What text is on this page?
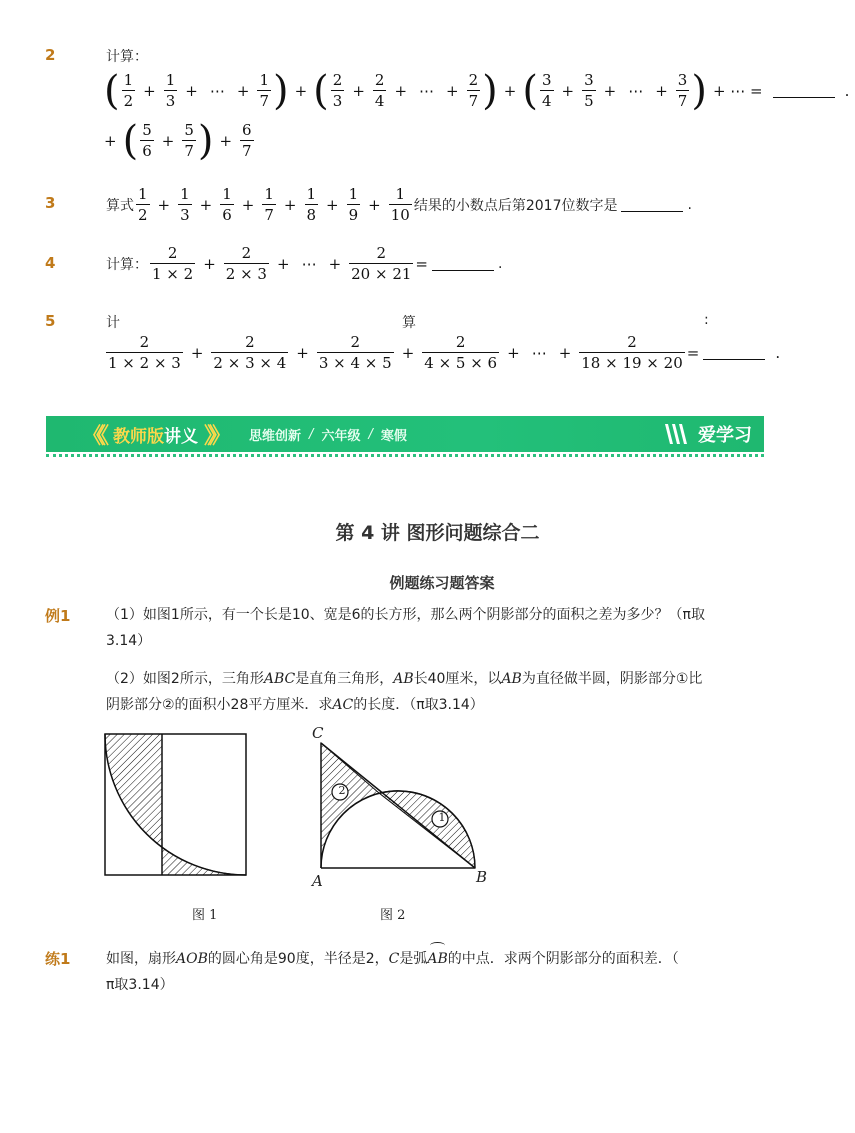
2	计算：
( $\frac{1}{2} + \frac{1}{3}$ + ⋯ + $\frac{1}{7}$ ) + ( $\frac{2}{3} + \frac{2}{4}$ + ⋯ + $\frac{2}{7}$ ) + ( $\frac{3}{4} + \frac{3}{5}$ + ⋯ + $\frac{3}{7}$ ) + ⋯ =	.
+ ( $\frac{5}{6} + \frac{5}{7}$ ) + $\frac{6}{7}$
3	算式 $\frac{1}{2} + \frac{1}{3} + \frac{1}{6} + \frac{1}{7} + \frac{1}{8} + \frac{1}{9} + \frac{1}{10}$ 结果的小数点后第2017位数字是	.
4	计算： $\frac{2}{1 \times 2} + \frac{2}{2 \times 3}$ + ⋯ + $\frac{2}{20 \times 21}$ =	.
5	计	算	:
$\frac{2}{1 \times 2 \times 3} + \frac{2}{2 \times 3 \times 4} + \frac{2}{3 \times 4 \times 5} + \frac{2}{4 \times 5 \times 6}$ + ⋯ + $\frac{2}{18 \times 19 \times 20}$ =	.
《《 教师版 讲义 》》 思维创新 / 六年级 / 寒假	爱学习
第 4 讲 图形问题综合二
例题练习题答案
例1	（1）如图1所示，有一个长是10、宽是6的长方形，那么两个阴影部分的面积之差为多少？（π取
3.14）
（2）如图2所示，三角形ABC是直角三角形，AB长40厘米，以AB为直径做半圆，阴影部分①比
阴影部分②的面积小28平方厘米．求AC的长度．（π取3.14）
图 1
2
1
C
A	B
图 2
练1	如图，扇形AOB的圆心角是90度，半径是2，C是弧
AB的中点．求两个阴影部分的面积差．（
π取3.14）
